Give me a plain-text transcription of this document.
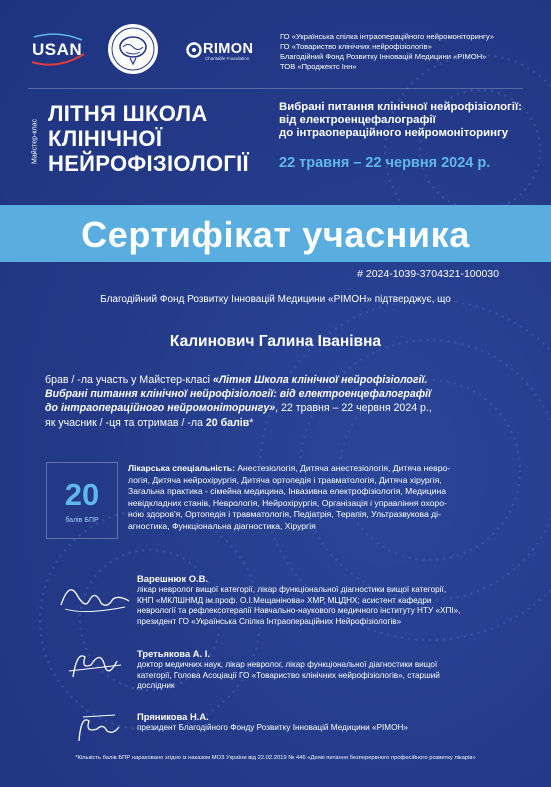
USAN	RIMON
Charitable Foundation
ГО «Українська спілка інтраопераційного нейромоніторингу»
ГО «Товариство клінічних нейрофізіологів»
Благодійний Фонд Розвитку Інновацій Медицини «РІМОН»
ТОВ «Проджектс Інн»
Майстер-клас
ЛІТНЯ ШКОЛА
КЛІНІЧНОЇ
НЕЙРОФІЗІОЛОГІЇ
Вибрані питання клінічної нейрофізіології:
від електроенцефалографії
до інтраопераційного нейромоніторингу
22 травня – 22 червня 2024 р.
Сертифікат учасника
# 2024-1039-3704321-100030
Благодійний Фонд Розвитку Інновацій Медицини «РІМОН» підтверджує, що
Калинович Галина Іванівна
брав / -ла участь у Майстер-класі «Літня Школа клінічної нейрофізіології.
Вибрані питання клінічної нейрофізіології: від електроенцефалографії
до інтраопераційного нейромоніторингу», 22 травня – 22 червня 2024 р.,
як учасник / -ця та отримав / -ла 20 балів*
20
балів БПР
Лікарська спеціальність: Анестезіологія, Дитяча анестезіологія, Дитяча невро-
логія, Дитяча нейрохірургія, Дитяча ортопедія і травматологія, Дитяча хірургія,
Загальна практика - сімейна медицина, Інвазивна електрофізіологія, Медицина
невідкладних станів, Неврологія, Нейрохірургія, Організація і управління охоро-
ною здоров'я, Ортопедія і травматологія, Педіатрія, Терапія, Ультразвукова ді-
агностика, Функціональна діагностика, Хірургія
Варешнюк О.В.
лікар невролог вищої категорії, лікар функціональної діагностики вищої категорії,
КНП «МКЛШНМД ім.проф. О.І.Мещанінова» ХМР, МЦДНХ; асистент кафедри
неврології та рефлексотерапії Навчально-наукового медичного інституту НТУ «ХПІ»,
президент ГО «Українська Спілка Інтраопераційних Нейрофізіологів»
Третьякова А. І.
доктор медичних наук, лікар невролог, лікар функціональної діагностики вищої
категорії, Голова Асоціації ГО «Товариство клінічних нейрофізіологів», старший
дослідник
Пряникова Н.А.
президент Благодійного Фонду Розвитку Інновацій Медицини «РІМОН»
*Кількість балів БПР нараховано згідно із наказом МОЗ України від 22.02.2019 № 446 «Деякі питання безперервного професійного розвитку лікарів»
